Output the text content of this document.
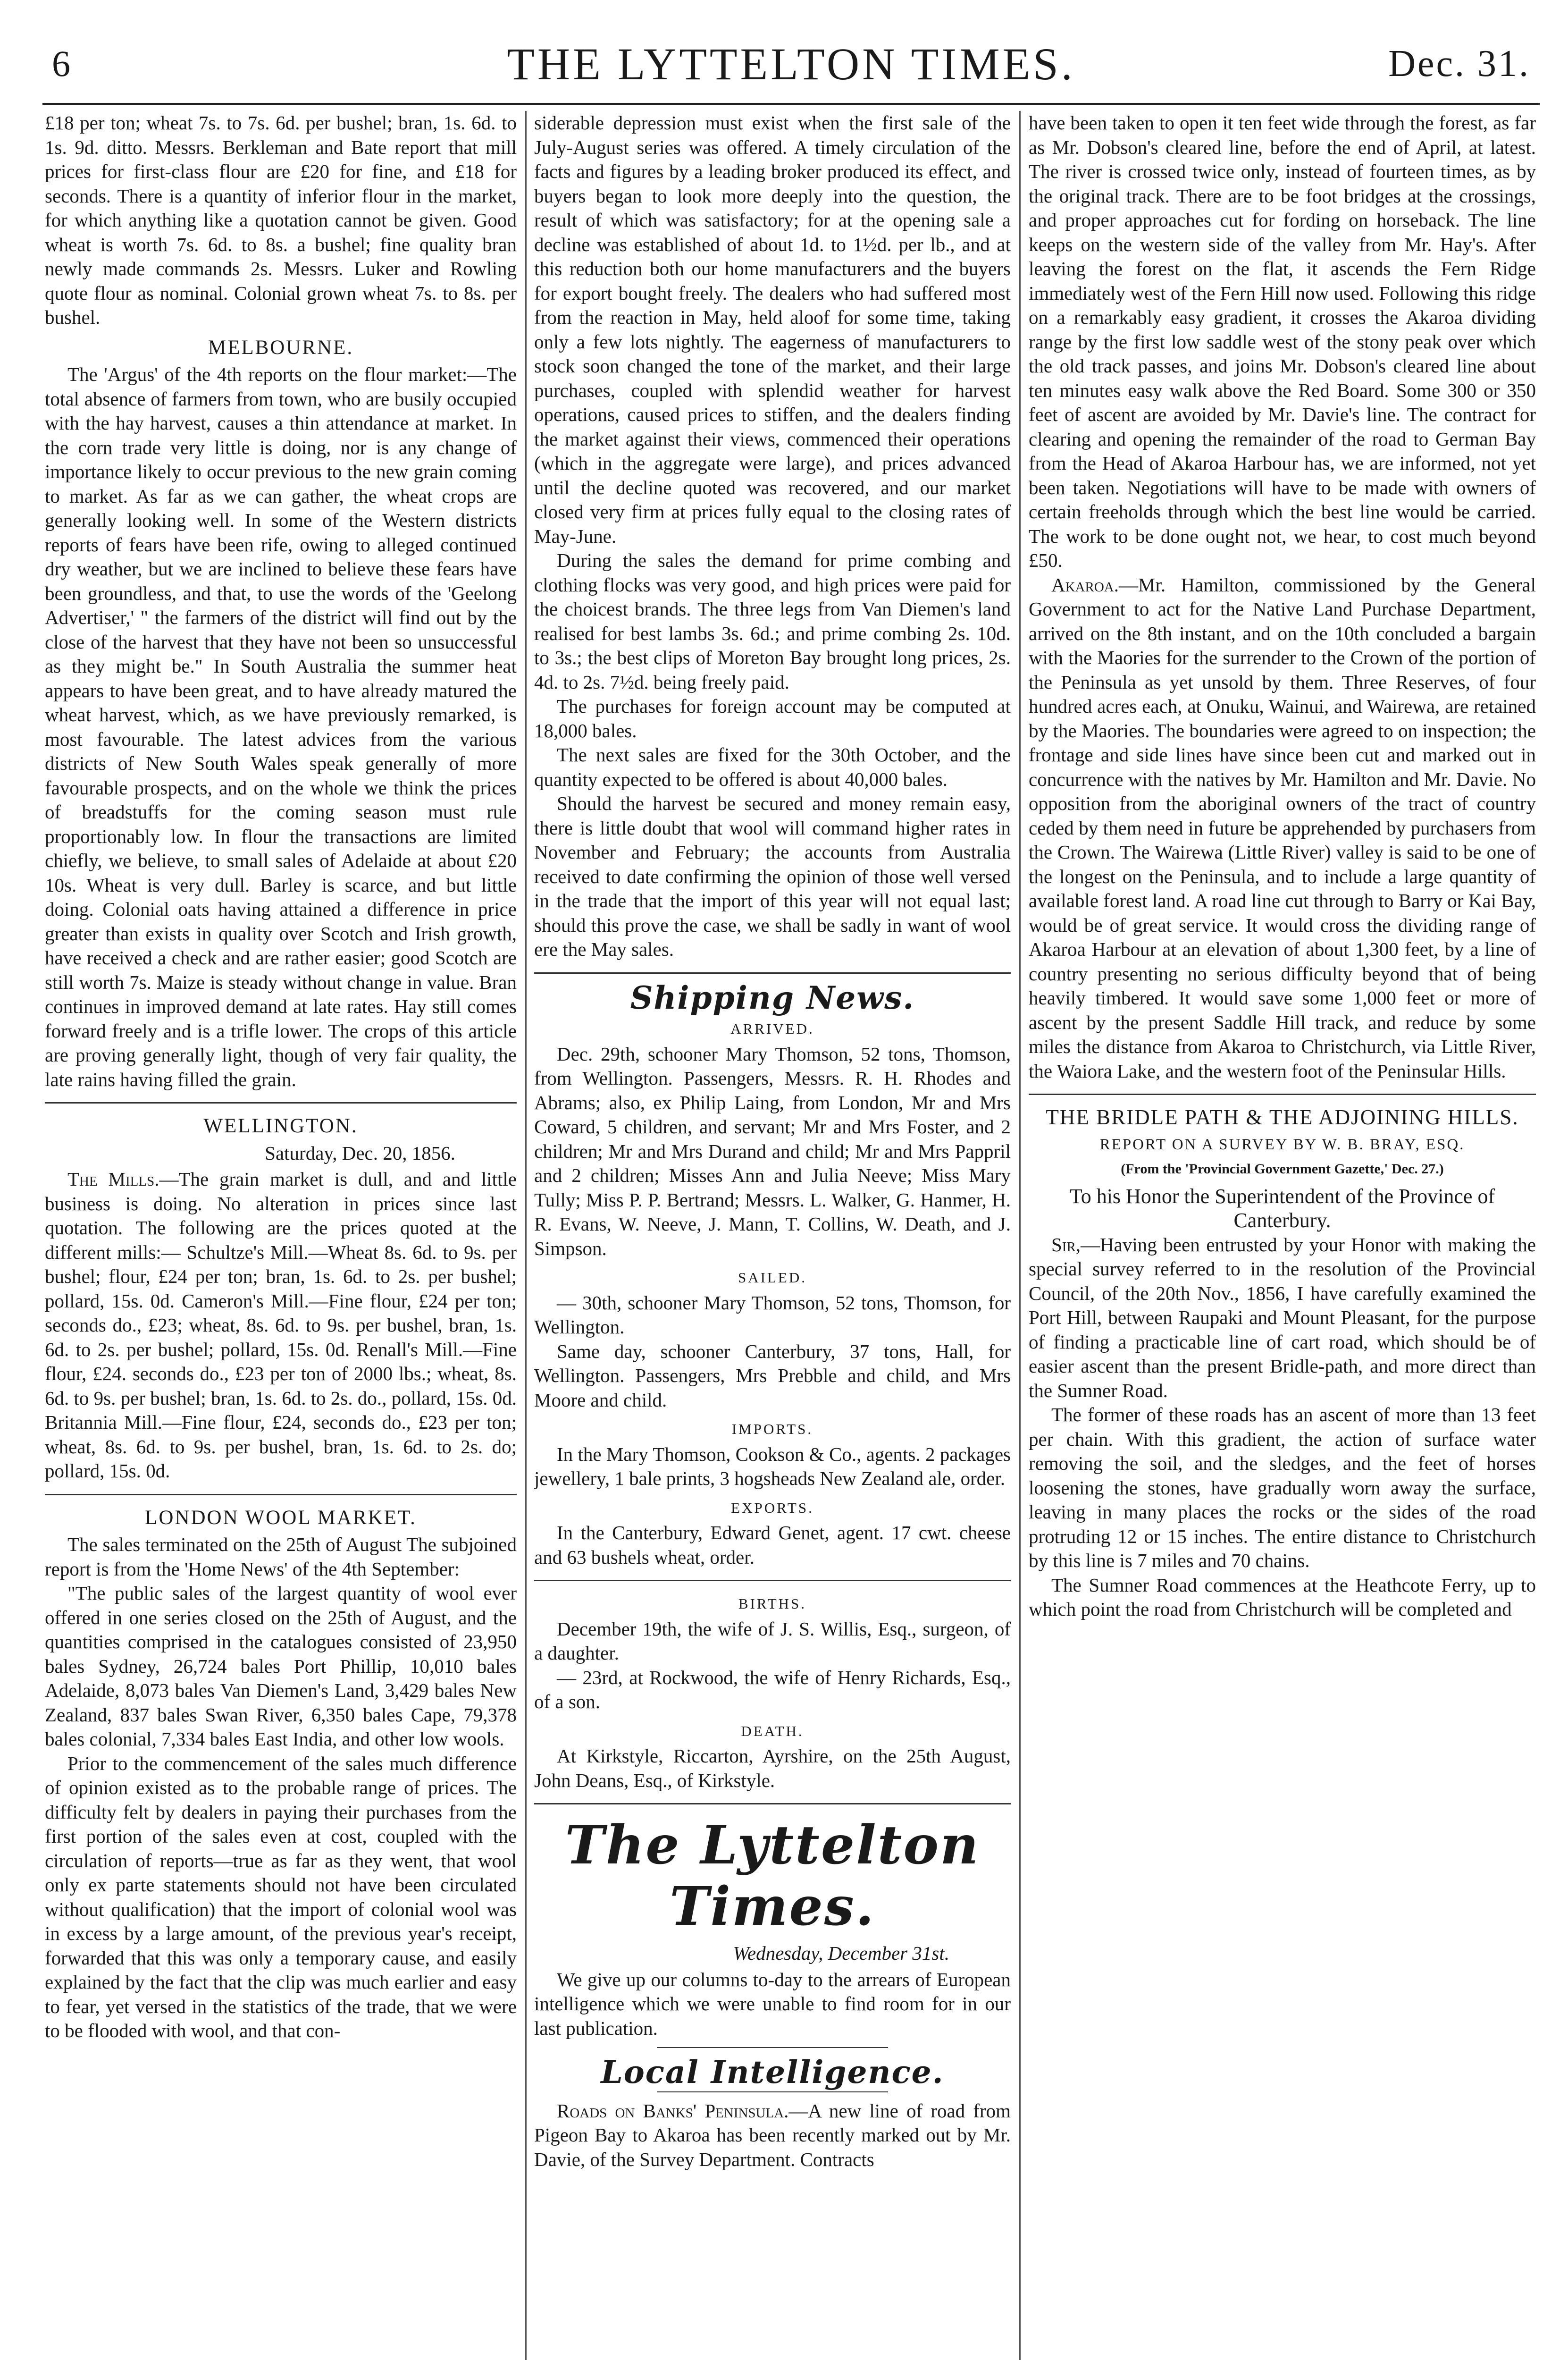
6	THE LYTTELTON TIMES.	Dec. 31.

£18 per ton; wheat 7s. to 7s. 6d. per bushel; bran, 1s. 6d. to 1s. 9d. ditto. Messrs. Berkleman and Bate report that mill prices for first-class flour are £20 for fine, and £18 for seconds. There is a quantity of inferior flour in the market, for which anything like a quotation cannot be given. Good wheat is worth 7s. 6d. to 8s. a bushel; fine quality bran newly made commands 2s. Messrs. Luker and Rowling quote flour as nominal. Colonial grown wheat 7s. to 8s. per bushel.

MELBOURNE.

The 'Argus' of the 4th reports on the flour market:—The total absence of farmers from town, who are busily occupied with the hay harvest, causes a thin attendance at market. In the corn trade very little is doing, nor is any change of importance likely to occur previous to the new grain coming to market. As far as we can gather, the wheat crops are generally looking well. In some of the Western districts reports of fears have been rife, owing to alleged continued dry weather, but we are inclined to believe these fears have been groundless, and that, to use the words of the 'Geelong Advertiser,' " the farmers of the district will find out by the close of the harvest that they have not been so unsuccessful as they might be." In South Australia the summer heat appears to have been great, and to have already matured the wheat harvest, which, as we have previously remarked, is most favourable. The latest advices from the various districts of New South Wales speak generally of more favourable prospects, and on the whole we think the prices of breadstuffs for the coming season must rule proportionably low. In flour the transactions are limited chiefly, we believe, to small sales of Adelaide at about £20 10s. Wheat is very dull. Barley is scarce, and but little doing. Colonial oats having attained a difference in price greater than exists in quality over Scotch and Irish growth, have received a check and are rather easier; good Scotch are still worth 7s. Maize is steady without change in value. Bran continues in improved demand at late rates. Hay still comes forward freely and is a trifle lower. The crops of this article are proving generally light, though of very fair quality, the late rains having filled the grain.

WELLINGTON.

Saturday, Dec. 20, 1856.

The Mills.—The grain market is dull, and and little business is doing. No alteration in prices since last quotation. The following are the prices quoted at the different mills:— Schultze's Mill.—Wheat 8s. 6d. to 9s. per bushel; flour, £24 per ton; bran, 1s. 6d. to 2s. per bushel; pollard, 15s. 0d. Cameron's Mill.—Fine flour, £24 per ton; seconds do., £23; wheat, 8s. 6d. to 9s. per bushel, bran, 1s. 6d. to 2s. per bushel; pollard, 15s. 0d. Renall's Mill.—Fine flour, £24. seconds do., £23 per ton of 2000 lbs.; wheat, 8s. 6d. to 9s. per bushel; bran, 1s. 6d. to 2s. do., pollard, 15s. 0d. Britannia Mill.—Fine flour, £24, seconds do., £23 per ton; wheat, 8s. 6d. to 9s. per bushel, bran, 1s. 6d. to 2s. do; pollard, 15s. 0d.

LONDON WOOL MARKET.

The sales terminated on the 25th of August The subjoined report is from the 'Home News' of the 4th September:

"The public sales of the largest quantity of wool ever offered in one series closed on the 25th of August, and the quantities comprised in the catalogues consisted of 23,950 bales Sydney, 26,724 bales Port Phillip, 10,010 bales Adelaide, 8,073 bales Van Diemen's Land, 3,429 bales New Zealand, 837 bales Swan River, 6,350 bales Cape, 79,378 bales colonial, 7,334 bales East India, and other low wools.

Prior to the commencement of the sales much difference of opinion existed as to the probable range of prices. The difficulty felt by dealers in paying their purchases from the first portion of the sales even at cost, coupled with the circulation of reports—true as far as they went, that wool only ex parte statements should not have been circulated without qualification) that the import of colonial wool was in excess by a large amount, of the previous year's receipt, forwarded that this was only a temporary cause, and easily explained by the fact that the clip was much earlier and easy to fear, yet versed in the statistics of the trade, that we were to be flooded with wool, and that con-

siderable depression must exist when the first sale of the July-August series was offered. A timely circulation of the facts and figures by a leading broker produced its effect, and buyers began to look more deeply into the question, the result of which was satisfactory; for at the opening sale a decline was established of about 1d. to 1½d. per lb., and at this reduction both our home manufacturers and the buyers for export bought freely. The dealers who had suffered most from the reaction in May, held aloof for some time, taking only a few lots nightly. The eagerness of manufacturers to stock soon changed the tone of the market, and their large purchases, coupled with splendid weather for harvest operations, caused prices to stiffen, and the dealers finding the market against their views, commenced their operations (which in the aggregate were large), and prices advanced until the decline quoted was recovered, and our market closed very firm at prices fully equal to the closing rates of May-June.

During the sales the demand for prime combing and clothing flocks was very good, and high prices were paid for the choicest brands. The three legs from Van Diemen's land realised for best lambs 3s. 6d.; and prime combing 2s. 10d. to 3s.; the best clips of Moreton Bay brought long prices, 2s. 4d. to 2s. 7½d. being freely paid.

The purchases for foreign account may be computed at 18,000 bales.

The next sales are fixed for the 30th October, and the quantity expected to be offered is about 40,000 bales.

Should the harvest be secured and money remain easy, there is little doubt that wool will command higher rates in November and February; the accounts from Australia received to date confirming the opinion of those well versed in the trade that the import of this year will not equal last; should this prove the case, we shall be sadly in want of wool ere the May sales.

Shipping News.
ARRIVED.

Dec. 29th, schooner Mary Thomson, 52 tons, Thomson, from Wellington. Passengers, Messrs. R. H. Rhodes and Abrams; also, ex Philip Laing, from London, Mr and Mrs Coward, 5 children, and servant; Mr and Mrs Foster, and 2 children; Mr and Mrs Durand and child; Mr and Mrs Pappril and 2 children; Misses Ann and Julia Neeve; Miss Mary Tully; Miss P. P. Bertrand; Messrs. L. Walker, G. Hanmer, H. R. Evans, W. Neeve, J. Mann, T. Collins, W. Death, and J. Simpson.

SAILED.

— 30th, schooner Mary Thomson, 52 tons, Thomson, for Wellington.

Same day, schooner Canterbury, 37 tons, Hall, for Wellington. Passengers, Mrs Prebble and child, and Mrs Moore and child.

IMPORTS.

In the Mary Thomson, Cookson & Co., agents. 2 packages jewellery, 1 bale prints, 3 hogsheads New Zealand ale, order.

EXPORTS.

In the Canterbury, Edward Genet, agent. 17 cwt. cheese and 63 bushels wheat, order.

BIRTHS.

December 19th, the wife of J. S. Willis, Esq., surgeon, of a daughter.

— 23rd, at Rockwood, the wife of Henry Richards, Esq., of a son.

DEATH.

At Kirkstyle, Riccarton, Ayrshire, on the 25th August, John Deans, Esq., of Kirkstyle.

The Lyttelton Times.

Wednesday, December 31st.

We give up our columns to-day to the arrears of European intelligence which we were unable to find room for in our last publication.

Local Intelligence.

Roads on Banks' Peninsula.—A new line of road from Pigeon Bay to Akaroa has been recently marked out by Mr. Davie, of the Survey Department. Contracts

have been taken to open it ten feet wide through the forest, as far as Mr. Dobson's cleared line, before the end of April, at latest. The river is crossed twice only, instead of fourteen times, as by the original track. There are to be foot bridges at the crossings, and proper approaches cut for fording on horseback. The line keeps on the western side of the valley from Mr. Hay's. After leaving the forest on the flat, it ascends the Fern Ridge immediately west of the Fern Hill now used. Following this ridge on a remarkably easy gradient, it crosses the Akaroa dividing range by the first low saddle west of the stony peak over which the old track passes, and joins Mr. Dobson's cleared line about ten minutes easy walk above the Red Board. Some 300 or 350 feet of ascent are avoided by Mr. Davie's line. The contract for clearing and opening the remainder of the road to German Bay from the Head of Akaroa Harbour has, we are informed, not yet been taken. Negotiations will have to be made with owners of certain freeholds through which the best line would be carried. The work to be done ought not, we hear, to cost much beyond £50.

Akaroa.—Mr. Hamilton, commissioned by the General Government to act for the Native Land Purchase Department, arrived on the 8th instant, and on the 10th concluded a bargain with the Maories for the surrender to the Crown of the portion of the Peninsula as yet unsold by them. Three Reserves, of four hundred acres each, at Onuku, Wainui, and Wairewa, are retained by the Maories. The boundaries were agreed to on inspection; the frontage and side lines have since been cut and marked out in concurrence with the natives by Mr. Hamilton and Mr. Davie. No opposition from the aboriginal owners of the tract of country ceded by them need in future be apprehended by purchasers from the Crown. The Wairewa (Little River) valley is said to be one of the longest on the Peninsula, and to include a large quantity of available forest land. A road line cut through to Barry or Kai Bay, would be of great service. It would cross the dividing range of Akaroa Harbour at an elevation of about 1,300 feet, by a line of country presenting no serious difficulty beyond that of being heavily timbered. It would save some 1,000 feet or more of ascent by the present Saddle Hill track, and reduce by some miles the distance from Akaroa to Christchurch, via Little River, the Waiora Lake, and the western foot of the Peninsular Hills.

THE BRIDLE PATH & THE ADJOINING HILLS.
REPORT ON A SURVEY BY W. B. BRAY, ESQ.
(From the 'Provincial Government Gazette,' Dec. 27.)

To his Honor the Superintendent of the Province of Canterbury.

Sir,—Having been entrusted by your Honor with making the special survey referred to in the resolution of the Provincial Council, of the 20th Nov., 1856, I have carefully examined the Port Hill, between Raupaki and Mount Pleasant, for the purpose of finding a practicable line of cart road, which should be of easier ascent than the present Bridle-path, and more direct than the Sumner Road.

The former of these roads has an ascent of more than 13 feet per chain. With this gradient, the action of surface water removing the soil, and the sledges, and the feet of horses loosening the stones, have gradually worn away the surface, leaving in many places the rocks or the sides of the road protruding 12 or 15 inches. The entire distance to Christchurch by this line is 7 miles and 70 chains.

The Sumner Road commences at the Heathcote Ferry, up to which point the road from Christchurch will be completed and
